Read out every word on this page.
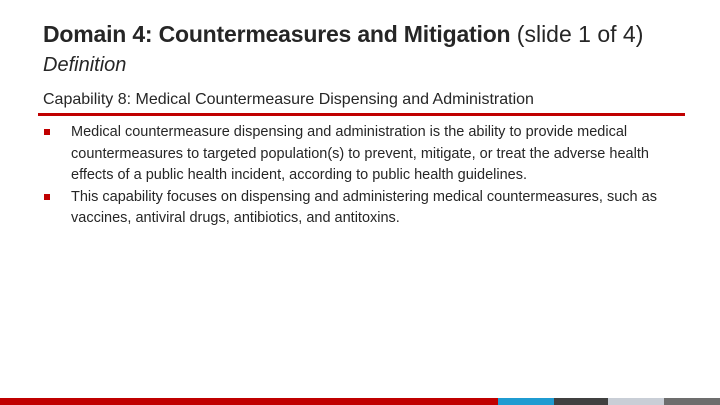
Domain 4: Countermeasures and Mitigation (slide 1 of 4)
Definition
Capability 8: Medical Countermeasure Dispensing and Administration
Medical countermeasure dispensing and administration is the ability to provide medical countermeasures to targeted population(s) to prevent, mitigate, or treat the adverse health effects of a public health incident, according to public health guidelines.
This capability focuses on dispensing and administering medical countermeasures, such as vaccines, antiviral drugs, antibiotics, and antitoxins.
